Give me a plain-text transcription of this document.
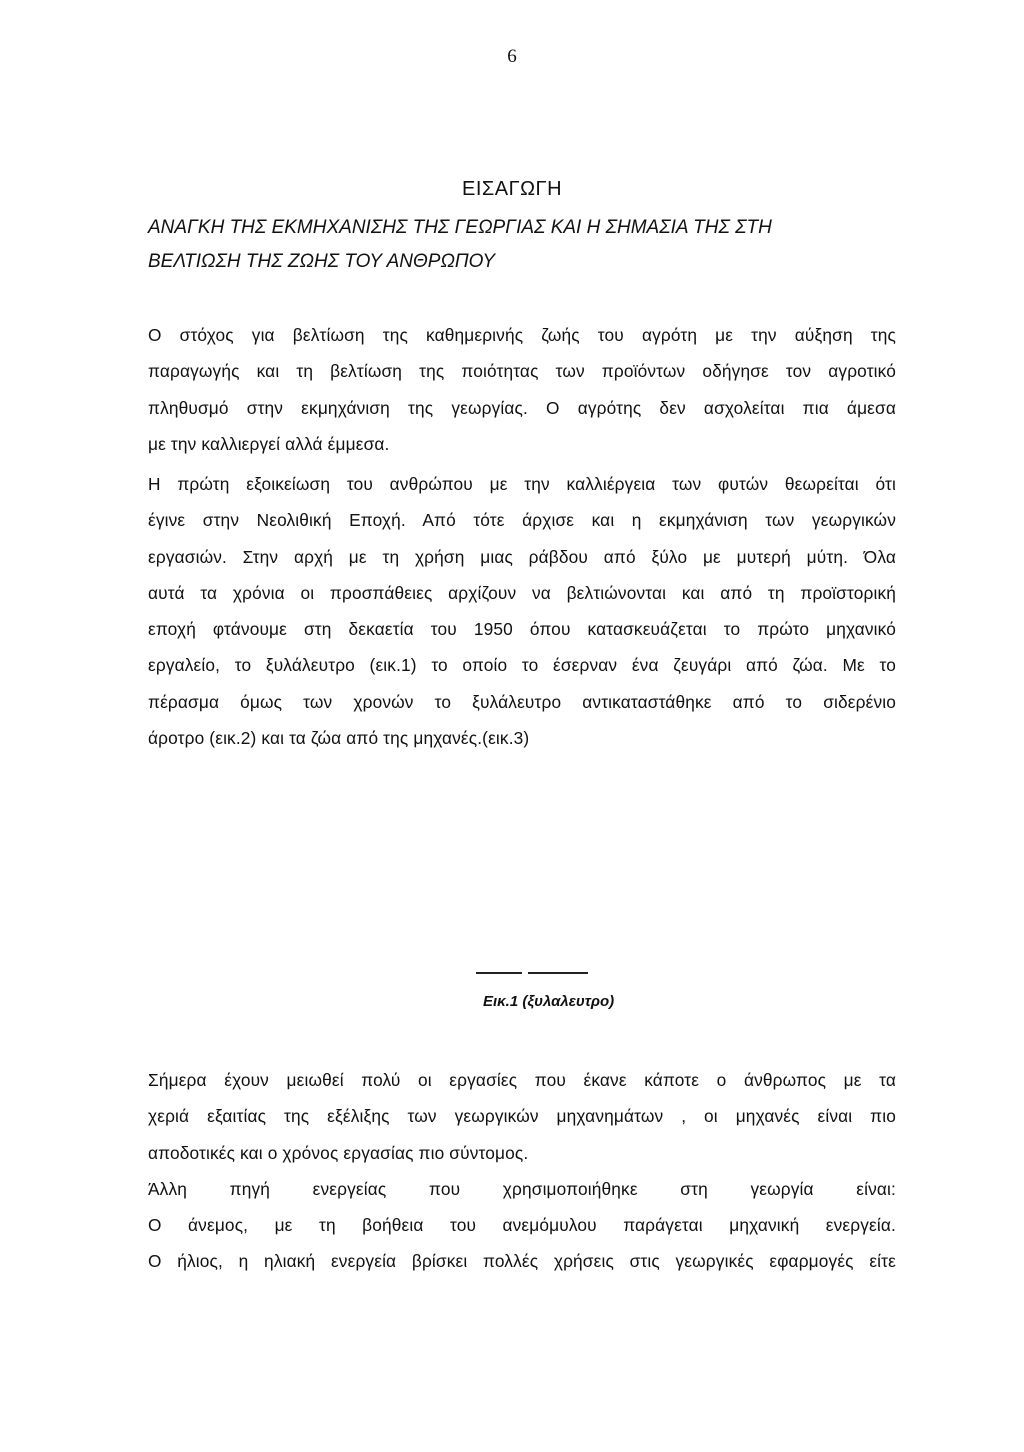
6
ΕΙΣΑΓΩΓΗ
ΑΝΑΓΚΗ ΤΗΣ ΕΚΜΗΧΑΝΙΣΗΣ ΤΗΣ ΓΕΩΡΓΙΑΣ ΚΑΙ Η ΣΗΜΑΣΙΑ ΤΗΣ ΣΤΗ
ΒΕΛΤΙΩΣΗ ΤΗΣ ΖΩΗΣ ΤΟΥ ΑΝΘΡΩΠΟΥ
Ο στόχος για βελτίωση της καθημερινής ζωής του αγρότη με την αύξηση της
παραγωγής και τη βελτίωση της ποιότητας των προϊόντων οδήγησε τον αγροτικό
πληθυσμό στην εκμηχάνιση της γεωργίας. Ο αγρότης δεν ασχολείται πια άμεσα
με την καλλιεργεί αλλά έμμεσα.
Η πρώτη εξοικείωση του ανθρώπου με την καλλιέργεια των φυτών θεωρείται ότι
έγινε στην Νεολιθική Εποχή. Από τότε άρχισε και η εκμηχάνιση των γεωργικών
εργασιών. Στην αρχή με τη χρήση μιας ράβδου από ξύλο με μυτερή μύτη. Όλα
αυτά τα χρόνια οι προσπάθειες αρχίζουν να βελτιώνονται και από τη προϊστορική
εποχή φτάνουμε στη δεκαετία του 1950 όπου κατασκευάζεται το πρώτο μηχανικό
εργαλείο, το ξυλάλευτρο (εικ.1) το οποίο το έσερναν ένα ζευγάρι από ζώα. Με το
πέρασμα όμως των χρονών το ξυλάλευτρο αντικαταστάθηκε από το σιδερένιο
άροτρο (εικ.2) και τα ζώα από της μηχανές.(εικ.3)
Εικ.1 (ξυλαλευτρο)
Σήμερα έχουν μειωθεί πολύ οι εργασίες που έκανε κάποτε ο άνθρωπος με τα
χεριά εξαιτίας της εξέλιξης των γεωργικών μηχανημάτων , οι μηχανές είναι πιο
αποδοτικές και ο χρόνος εργασίας πιο σύντομος.
Άλλη πηγή ενεργείας που χρησιμοποιήθηκε στη γεωργία είναι:
Ο άνεμος, με τη βοήθεια του ανεμόμυλου παράγεται μηχανική ενεργεία.
Ο ήλιος, η ηλιακή ενεργεία βρίσκει πολλές χρήσεις στις γεωργικές εφαρμογές είτε
